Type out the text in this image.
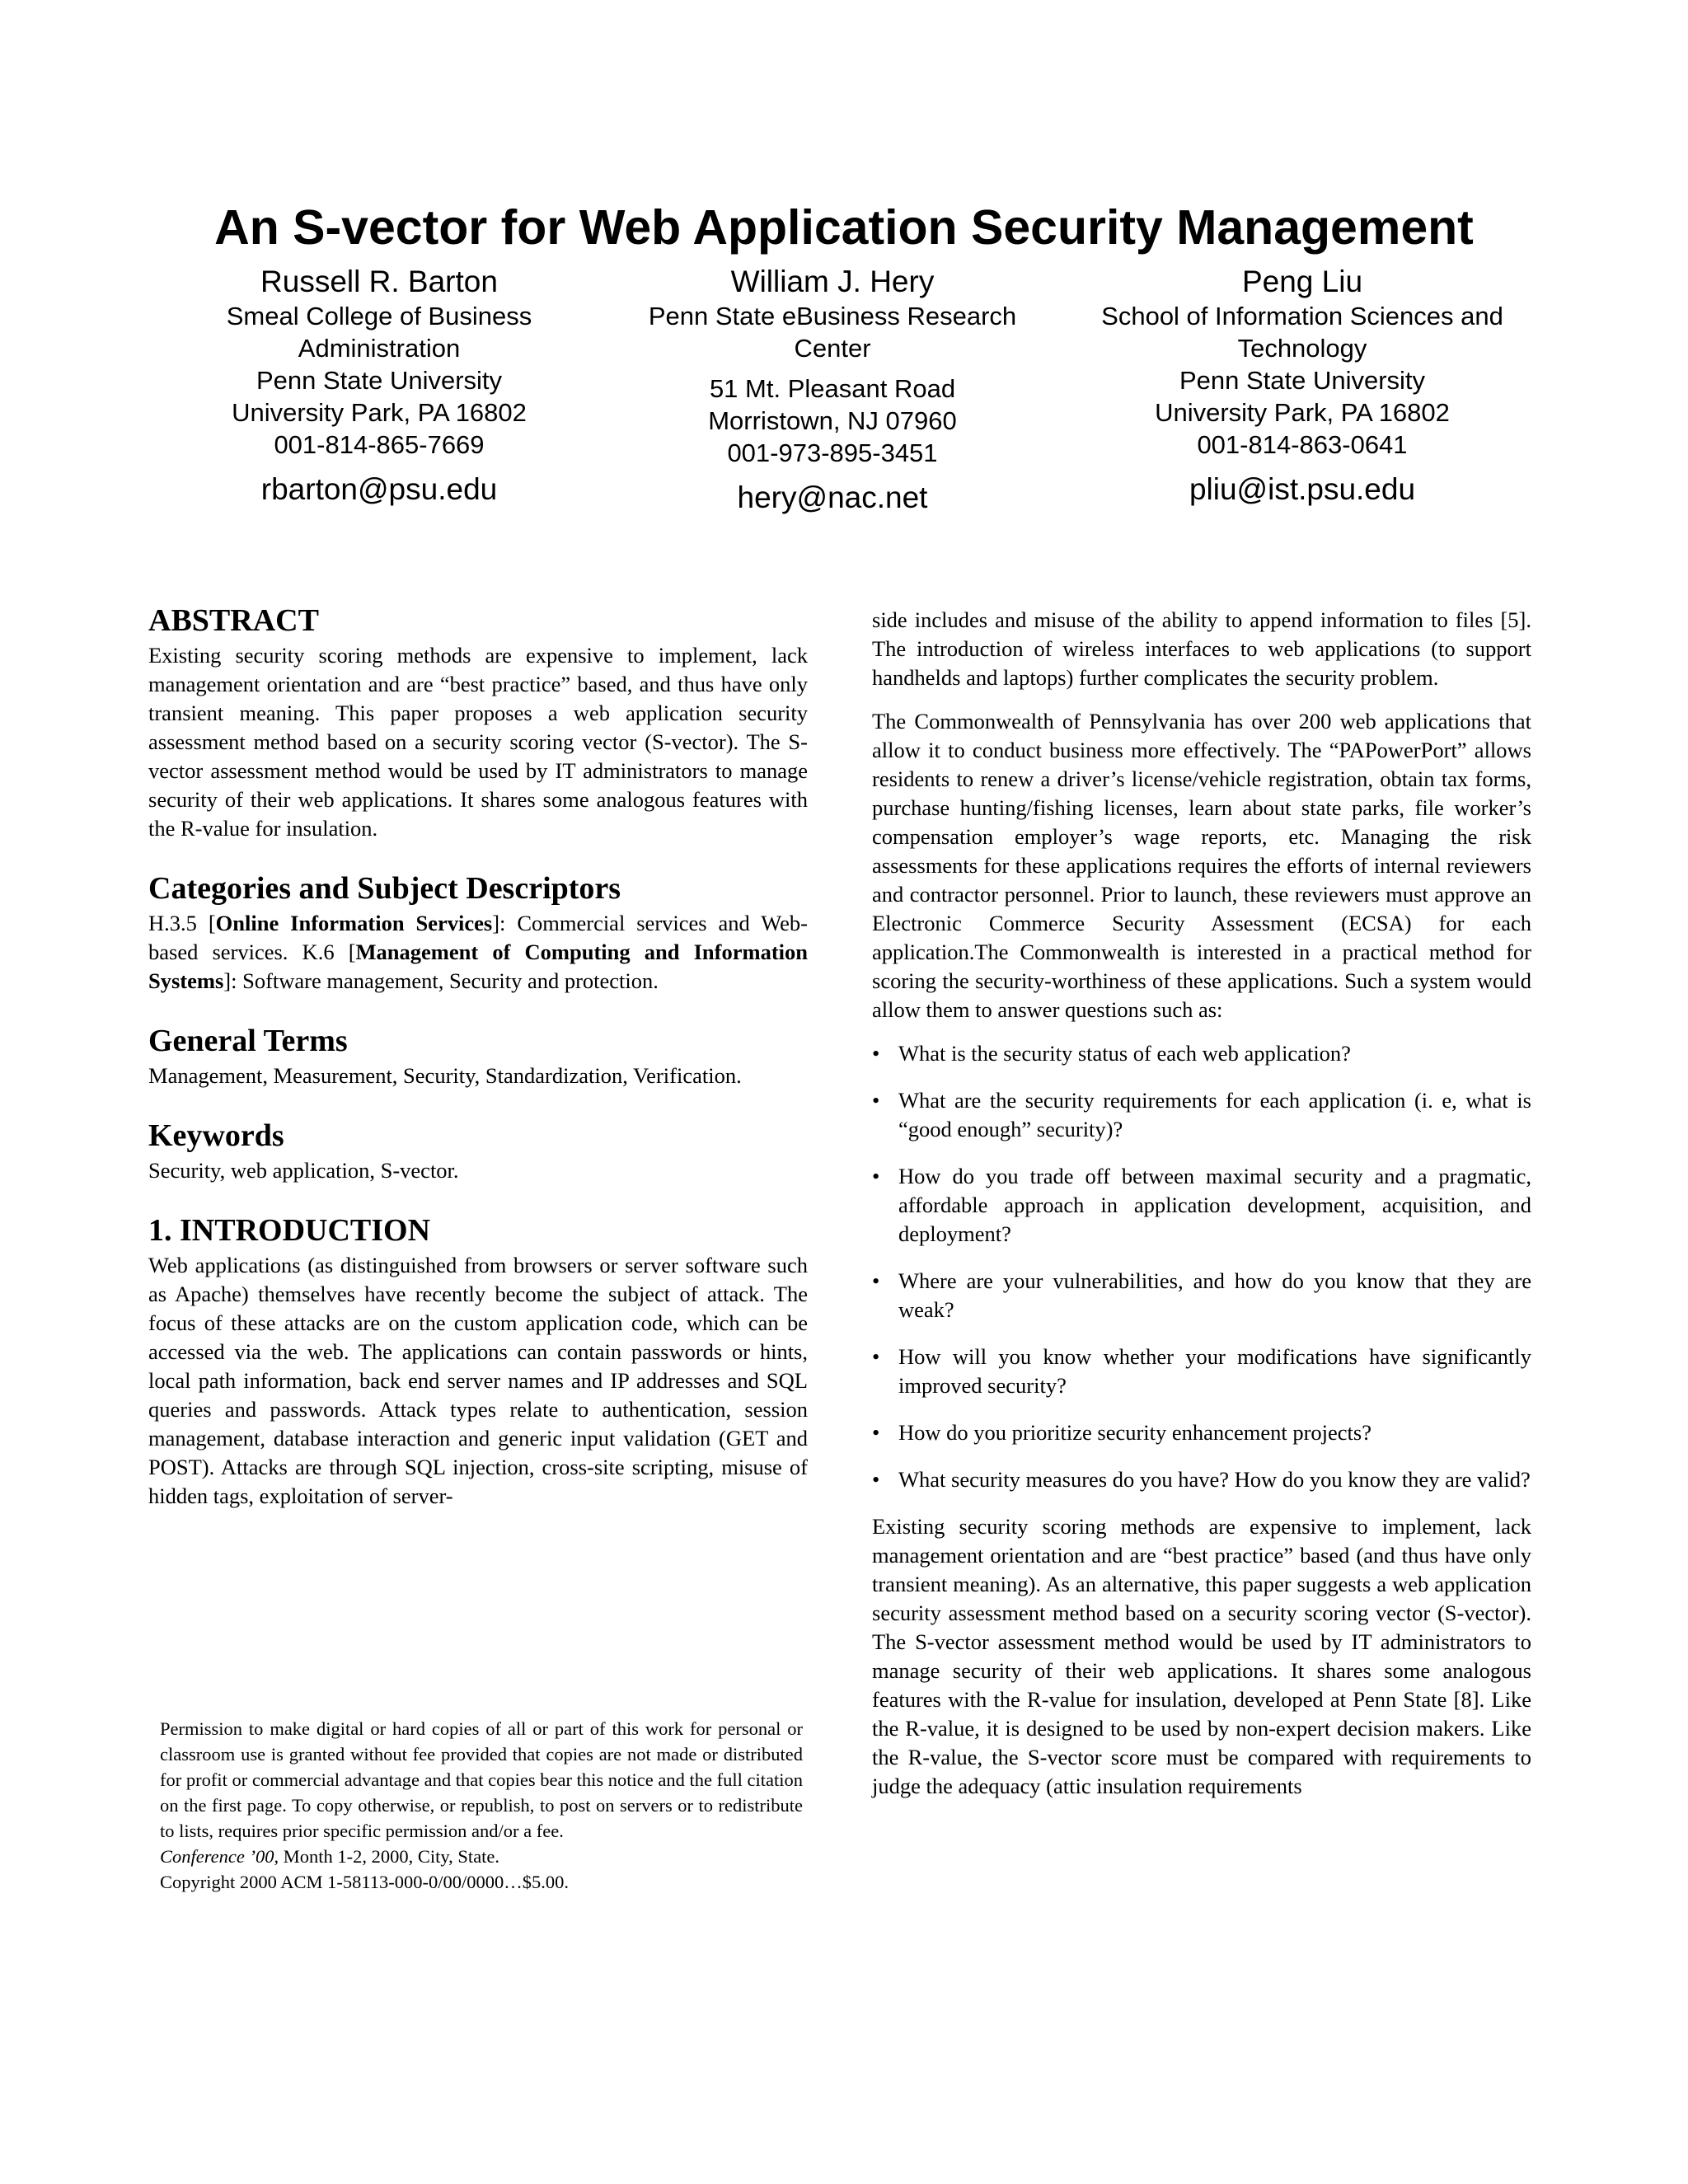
An S-vector for Web Application Security Management
Russell R. Barton
Smeal College of Business
Administration
Penn State University
University Park, PA 16802
001-814-865-7669
rbarton@psu.edu
William J. Hery
Penn State eBusiness Research
Center
51 Mt. Pleasant Road
Morristown, NJ 07960
001-973-895-3451
hery@nac.net
Peng Liu
School of Information Sciences and
Technology
Penn State University
University Park, PA 16802
001-814-863-0641
pliu@ist.psu.edu
ABSTRACT

Existing security scoring methods are expensive to implement, lack management orientation and are “best practice” based, and thus have only transient meaning. This paper proposes a web application security assessment method based on a security scoring vector (S-vector). The S-vector assessment method would be used by IT administrators to manage security of their web applications. It shares some analogous features with the R-value for insulation.

Categories and Subject Descriptors

H.3.5 [Online Information Services]: Commercial services and Web-based services. K.6 [Management of Computing and Information Systems]: Software management, Security and protection.

General Terms

Management, Measurement, Security, Standardization, Verification.

Keywords

Security, web application, S-vector.

1. INTRODUCTION

Web applications (as distinguished from browsers or server software such as Apache) themselves have recently become the subject of attack. The focus of these attacks are on the custom application code, which can be accessed via the web. The applications can contain passwords or hints, local path information, back end server names and IP addresses and SQL queries and passwords. Attack types relate to authentication, session management, database interaction and generic input validation (GET and POST). Attacks are through SQL injection, cross-site scripting, misuse of hidden tags, exploitation of server-

Permission to make digital or hard copies of all or part of this work for personal or classroom use is granted without fee provided that copies are not made or distributed for profit or commercial advantage and that copies bear this notice and the full citation on the first page. To copy otherwise, or republish, to post on servers or to redistribute to lists, requires prior specific permission and/or a fee.

Conference ’00, Month 1-2, 2000, City, State.

Copyright 2000 ACM 1-58113-000-0/00/0000…$5.00.

side includes and misuse of the ability to append information to files [5]. The introduction of wireless interfaces to web applications (to support handhelds and laptops) further complicates the security problem.

The Commonwealth of Pennsylvania has over 200 web applications that allow it to conduct business more effectively. The “PAPowerPort” allows residents to renew a driver’s license/vehicle registration, obtain tax forms, purchase hunting/fishing licenses, learn about state parks, file worker’s compensation employer’s wage reports, etc. Managing the risk assessments for these applications requires the efforts of internal reviewers and contractor personnel. Prior to launch, these reviewers must approve an Electronic Commerce Security Assessment (ECSA) for each application.The Commonwealth is interested in a practical method for scoring the security-worthiness of these applications. Such a system would allow them to answer questions such as:

• What is the security status of each web application?
• What are the security requirements for each application (i. e, what is “good enough” security)?
• How do you trade off between maximal security and a pragmatic, affordable approach in application development, acquisition, and deployment?
• Where are your vulnerabilities, and how do you know that they are weak?
• How will you know whether your modifications have significantly improved security?
• How do you prioritize security enhancement projects?
• What security measures do you have? How do you know they are valid?

Existing security scoring methods are expensive to implement, lack management orientation and are “best practice” based (and thus have only transient meaning). As an alternative, this paper suggests a web application security assessment method based on a security scoring vector (S-vector). The S-vector assessment method would be used by IT administrators to manage security of their web applications. It shares some analogous features with the R-value for insulation, developed at Penn State [8]. Like the R-value, it is designed to be used by non-expert decision makers. Like the R-value, the S-vector score must be compared with requirements to judge the adequacy (attic insulation requirements
